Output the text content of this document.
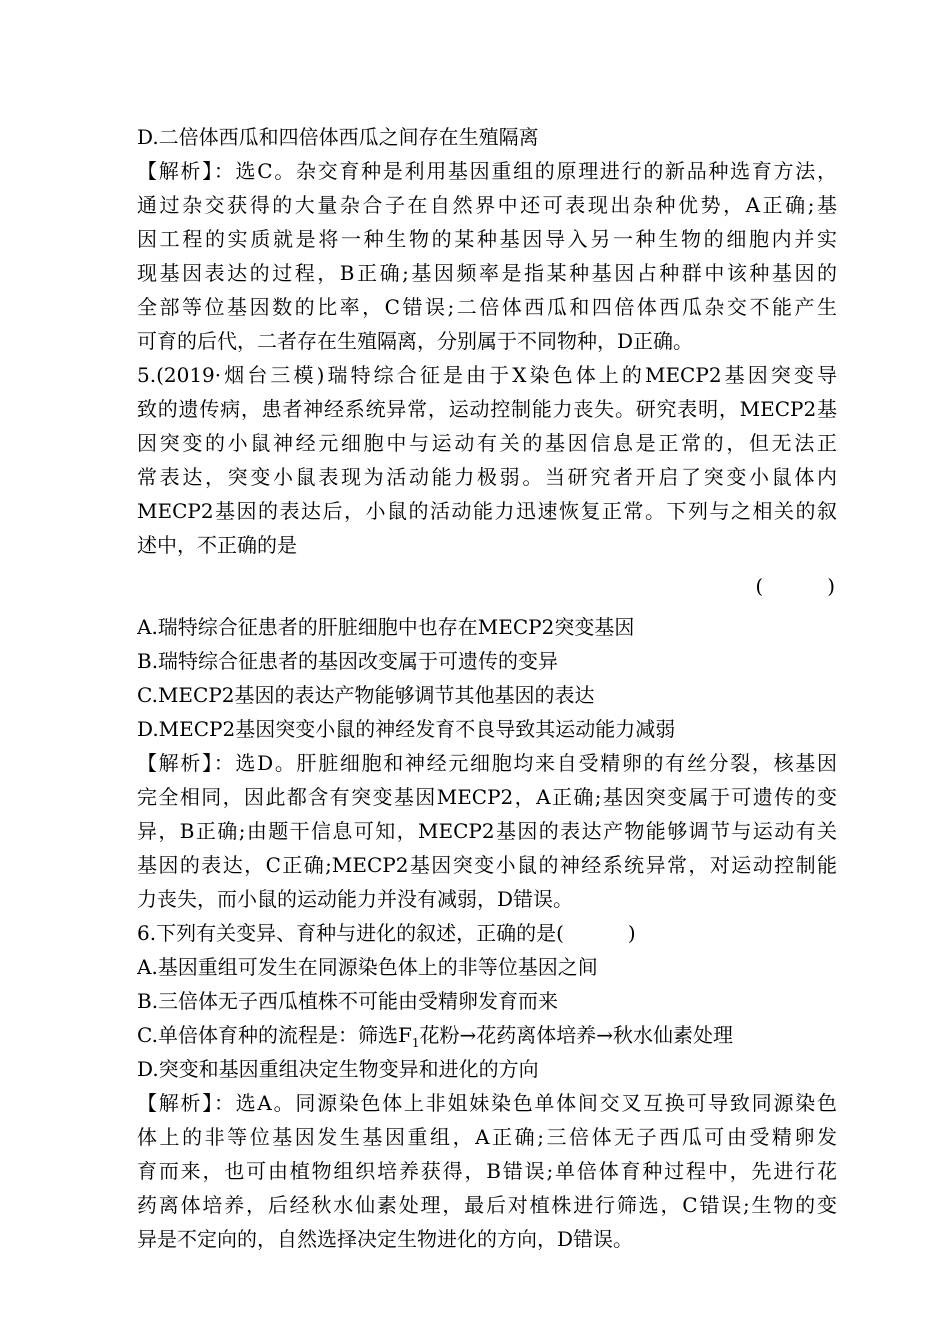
D.二倍体西瓜和四倍体西瓜之间存在生殖隔离
【解析】：选C。杂交育种是利用基因重组的原理进行的新品种选育方法，
通过杂交获得的大量杂合子在自然界中还可表现出杂种优势，A正确;基
因工程的实质就是将一种生物的某种基因导入另一种生物的细胞内并实
现基因表达的过程，B正确;基因频率是指某种基因占种群中该种基因的
全部等位基因数的比率，C错误;二倍体西瓜和四倍体西瓜杂交不能产生
可育的后代，二者存在生殖隔离，分别属于不同物种，D正确。
5.(2019·烟台三模)瑞特综合征是由于X染色体上的MECP2基因突变导
致的遗传病，患者神经系统异常，运动控制能力丧失。研究表明，MECP2基
因突变的小鼠神经元细胞中与运动有关的基因信息是正常的，但无法正
常表达，突变小鼠表现为活动能力极弱。当研究者开启了突变小鼠体内
MECP2基因的表达后，小鼠的活动能力迅速恢复正常。下列与之相关的叙
述中，不正确的是
(	)
A.瑞特综合征患者的肝脏细胞中也存在MECP2突变基因
B.瑞特综合征患者的基因改变属于可遗传的变异
C.MECP2基因的表达产物能够调节其他基因的表达
D.MECP2基因突变小鼠的神经发育不良导致其运动能力减弱
【解析】：选D。肝脏细胞和神经元细胞均来自受精卵的有丝分裂，核基因
完全相同，因此都含有突变基因MECP2，A正确;基因突变属于可遗传的变
异，B正确;由题干信息可知，MECP2基因的表达产物能够调节与运动有关
基因的表达，C正确;MECP2基因突变小鼠的神经系统异常，对运动控制能
力丧失，而小鼠的运动能力并没有减弱，D错误。
6.下列有关变异、育种与进化的叙述，正确的是(	)
A.基因重组可发生在同源染色体上的非等位基因之间
B.三倍体无子西瓜植株不可能由受精卵发育而来
C.单倍体育种的流程是：筛选$F_1$花粉→花药离体培养→秋水仙素处理
D.突变和基因重组决定生物变异和进化的方向
【解析】：选A。同源染色体上非姐妹染色单体间交叉互换可导致同源染色
体上的非等位基因发生基因重组，A正确;三倍体无子西瓜可由受精卵发
育而来，也可由植物组织培养获得，B错误;单倍体育种过程中，先进行花
药离体培养，后经秋水仙素处理，最后对植株进行筛选，C错误;生物的变
异是不定向的，自然选择决定生物进化的方向，D错误。
